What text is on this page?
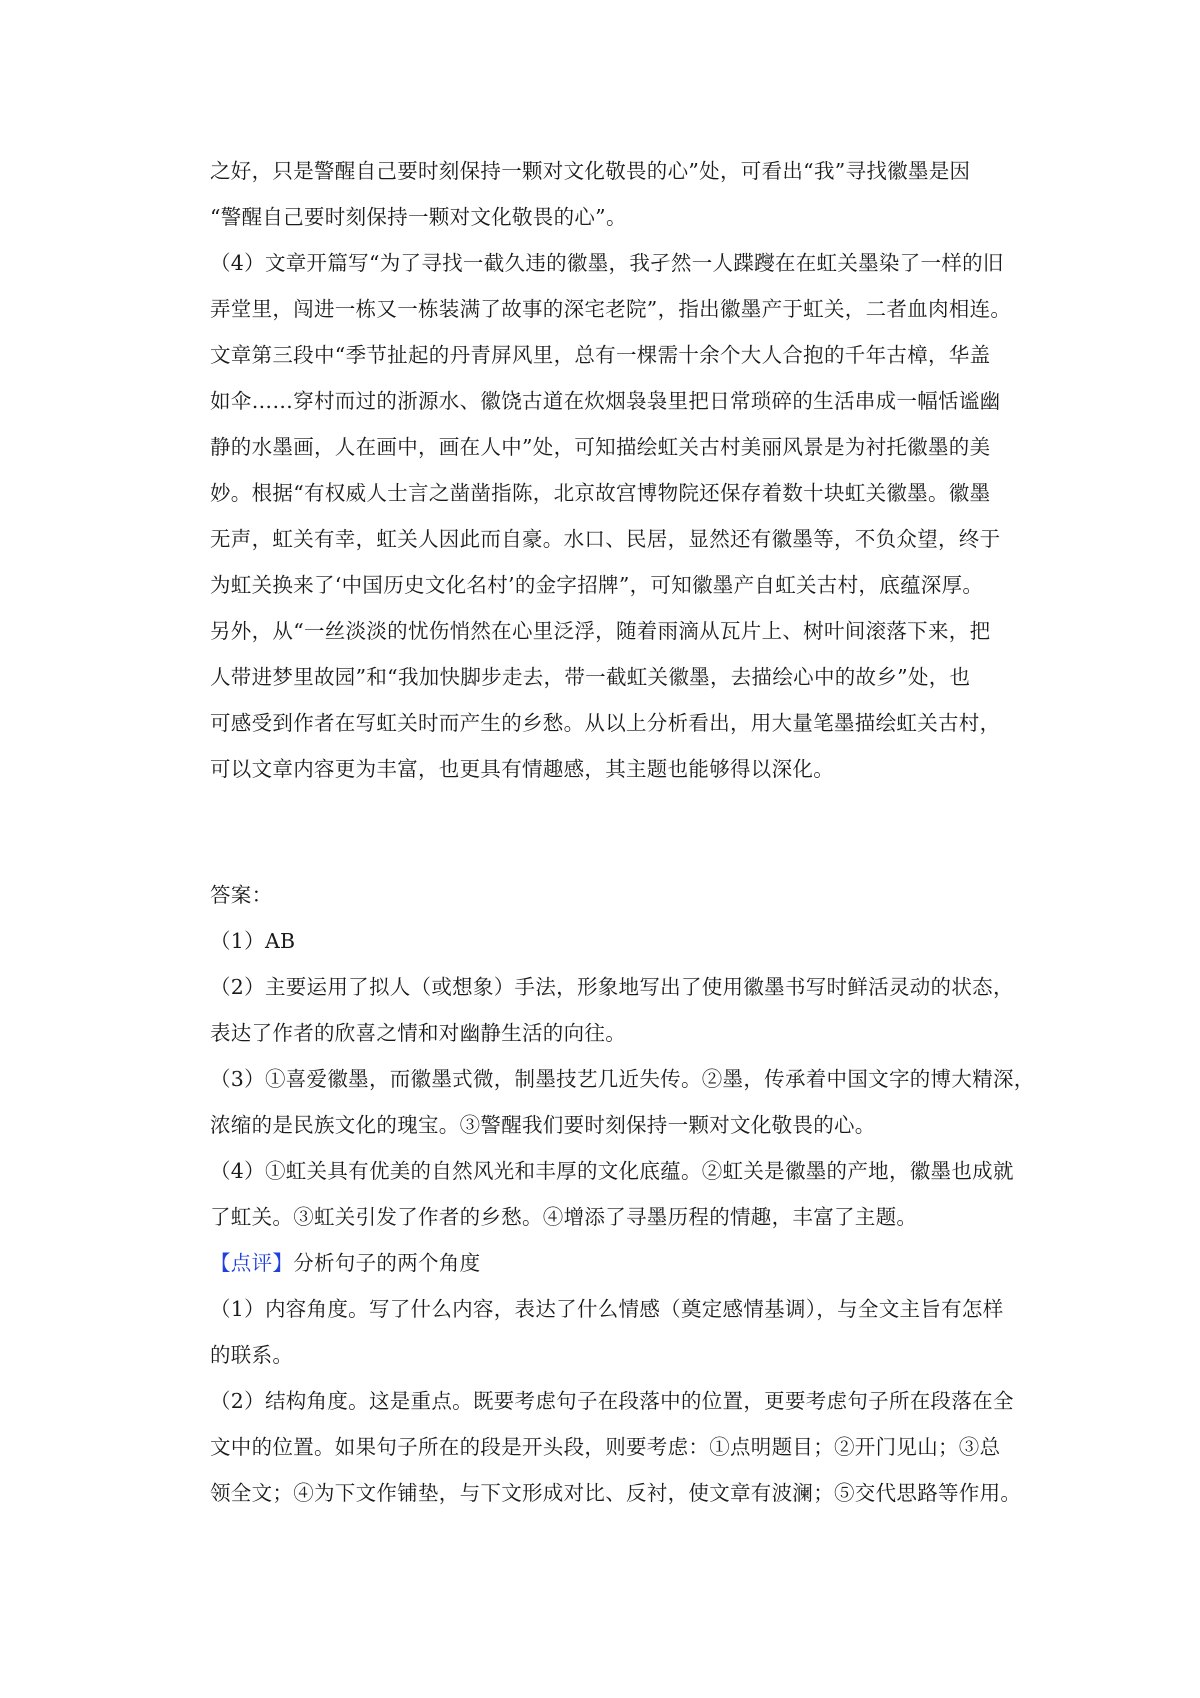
之好，只是警醒自己要时刻保持一颗对文化敬畏的心”处，可看出“我”寻找徽墨是因
“警醒自己要时刻保持一颗对文化敬畏的心”。
（4）文章开篇写“为了寻找一截久违的徽墨，我孑然一人蹀躞在在虹关墨染了一样的旧
弄堂里，闯进一栋又一栋装满了故事的深宅老院”，指出徽墨产于虹关，二者血肉相连。
文章第三段中“季节扯起的丹青屏风里，总有一棵需十余个大人合抱的千年古樟，华盖
如伞……穿村而过的浙源水、徽饶古道在炊烟袅袅里把日常琐碎的生活串成一幅恬谧幽
静的水墨画，人在画中，画在人中”处，可知描绘虹关古村美丽风景是为衬托徽墨的美
妙。根据“有权威人士言之凿凿指陈，北京故宫博物院还保存着数十块虹关徽墨。徽墨
无声，虹关有幸，虹关人因此而自豪。水口、民居，显然还有徽墨等，不负众望，终于
为虹关换来了‘中国历史文化名村’的金字招牌”，可知徽墨产自虹关古村，底蕴深厚。
另外，从“一丝淡淡的忧伤悄然在心里泛浮，随着雨滴从瓦片上、树叶间滚落下来，把
人带进梦里故园”和“我加快脚步走去，带一截虹关徽墨，去描绘心中的故乡”处，也
可感受到作者在写虹关时而产生的乡愁。从以上分析看出，用大量笔墨描绘虹关古村，
可以文章内容更为丰富，也更具有情趣感，其主题也能够得以深化。
答案：
（1）AB
（2）主要运用了拟人（或想象）手法，形象地写出了使用徽墨书写时鲜活灵动的状态，
表达了作者的欣喜之情和对幽静生活的向往。
（3）①喜爱徽墨，而徽墨式微，制墨技艺几近失传。②墨，传承着中国文字的博大精深，
浓缩的是民族文化的瑰宝。③警醒我们要时刻保持一颗对文化敬畏的心。
（4）①虹关具有优美的自然风光和丰厚的文化底蕴。②虹关是徽墨的产地，徽墨也成就
了虹关。③虹关引发了作者的乡愁。④增添了寻墨历程的情趣，丰富了主题。
【点评】分析句子的两个角度
（1）内容角度。写了什么内容，表达了什么情感（奠定感情基调），与全文主旨有怎样
的联系。
（2）结构角度。这是重点。既要考虑句子在段落中的位置，更要考虑句子所在段落在全
文中的位置。如果句子所在的段是开头段，则要考虑：①点明题目；②开门见山；③总
领全文；④为下文作铺垫，与下文形成对比、反衬，使文章有波澜；⑤交代思路等作用。
